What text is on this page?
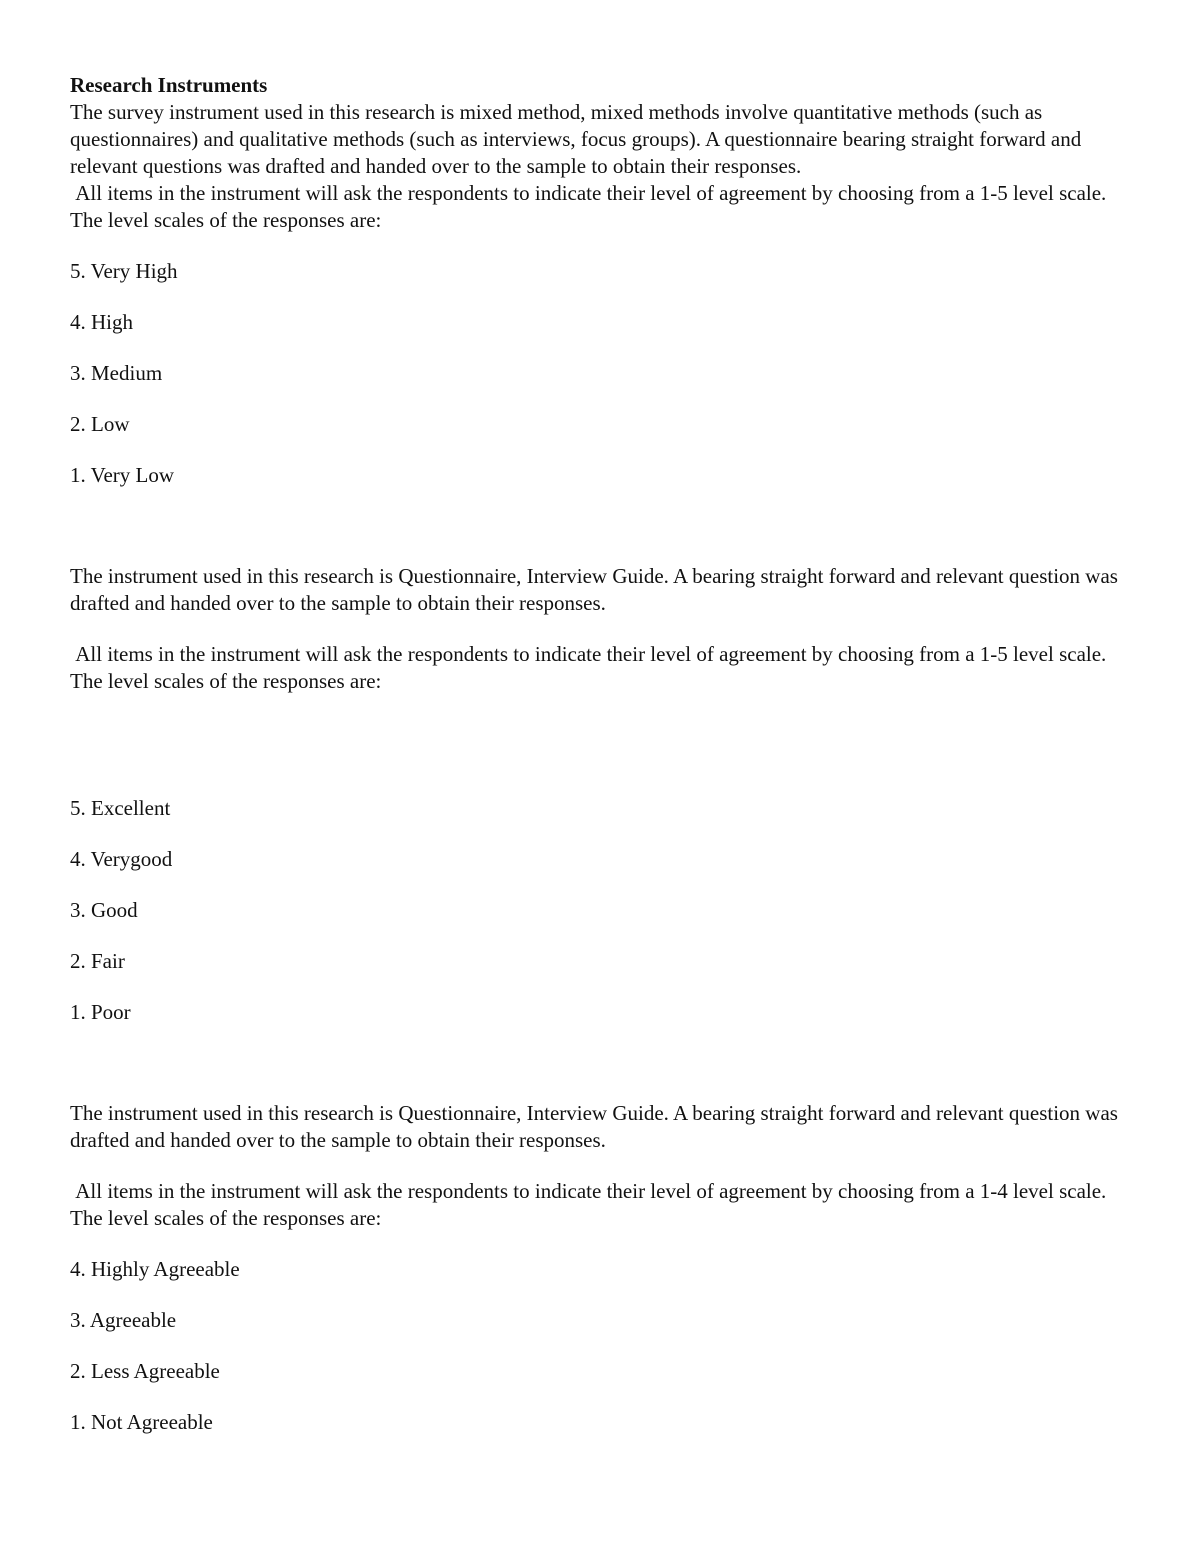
Research Instruments
The survey instrument used in this research is mixed method, mixed methods involve quantitative methods (such as questionnaires) and qualitative methods (such as interviews, focus groups). A questionnaire bearing straight forward and relevant questions was drafted and handed over to the sample to obtain their responses.
All items in the instrument will ask the respondents to indicate their level of agreement by choosing from a 1-5 level scale. The level scales of the responses are:
5. Very High
4. High
3. Medium
2. Low
1. Very Low
The instrument used in this research is Questionnaire, Interview Guide. A bearing straight forward and relevant question was drafted and handed over to the sample to obtain their responses.
All items in the instrument will ask the respondents to indicate their level of agreement by choosing from a 1-5 level scale. The level scales of the responses are:
5. Excellent
4. Verygood
3. Good
2. Fair
1. Poor
The instrument used in this research is Questionnaire, Interview Guide. A bearing straight forward and relevant question was drafted and handed over to the sample to obtain their responses.
All items in the instrument will ask the respondents to indicate their level of agreement by choosing from a 1-4 level scale. The level scales of the responses are:
4. Highly Agreeable
3. Agreeable
2. Less Agreeable
1. Not Agreeable
